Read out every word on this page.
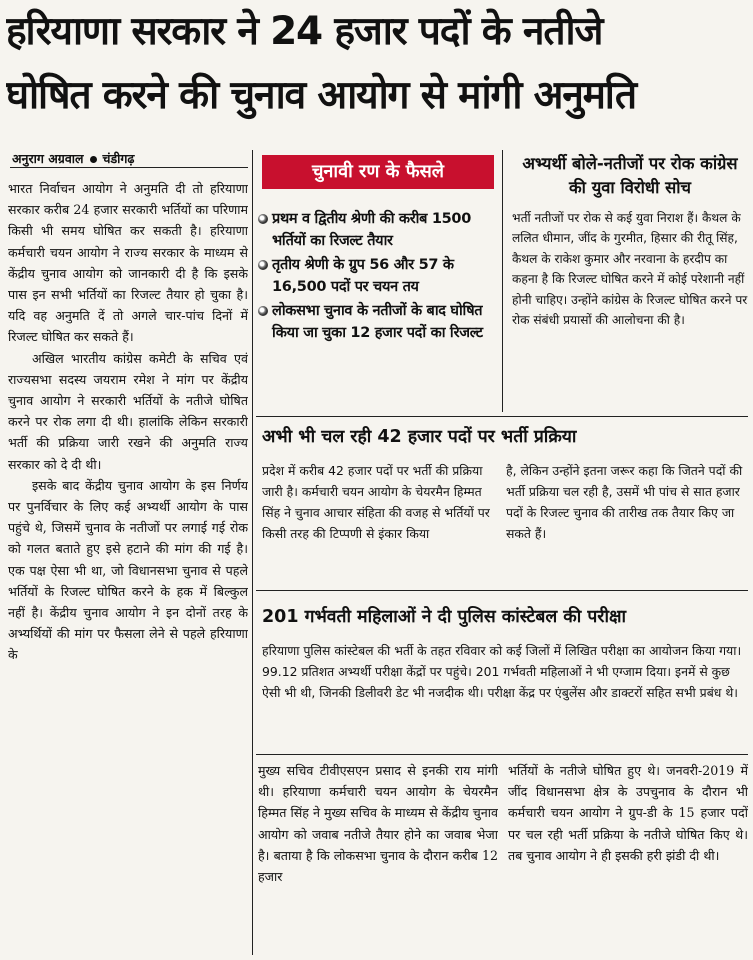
हरियाणा सरकार ने 24 हजार पदों के नतीजे
घोषित करने की चुनाव आयोग से मांगी अनुमति
अनुराग अग्रवाल चंडीगढ़

भारत निर्वाचन आयोग ने अनुमति दी तो हरियाणा सरकार करीब 24 हजार सरकारी भर्तियों का परिणाम किसी भी समय घोषित कर सकती है। हरियाणा कर्मचारी चयन आयोग ने राज्य सरकार के माध्यम से केंद्रीय चुनाव आयोग को जानकारी दी है कि इसके पास इन सभी भर्तियों का रिजल्ट तैयार हो चुका है। यदि वह अनुमति दें तो अगले चार-पांच दिनों में रिजल्ट घोषित कर सकते हैं।

अखिल भारतीय कांग्रेस कमेटी के सचिव एवं राज्यसभा सदस्य जयराम रमेश ने मांग पर केंद्रीय चुनाव आयोग ने सरकारी भर्तियों के नतीजे घोषित करने पर रोक लगा दी थी। हालांकि लेकिन सरकारी भर्ती की प्रक्रिया जारी रखने की अनुमति राज्य सरकार को दे दी थी।

इसके बाद केंद्रीय चुनाव आयोग के इस निर्णय पर पुनर्विचार के लिए कई अभ्यर्थी आयोग के पास पहुंचे थे, जिसमें चुनाव के नतीजों पर लगाई गई रोक को गलत बताते हुए इसे हटाने की मांग की गई है। एक पक्ष ऐसा भी था, जो विधानसभा चुनाव से पहले भर्तियों के रिजल्ट घोषित करने के हक में बिल्कुल नहीं है। केंद्रीय चुनाव आयोग ने इन दोनों तरह के अभ्यर्थियों की मांग पर फैसला लेने से पहले हरियाणा के

चुनावी रण के फैसले
प्रथम व द्वितीय श्रेणी की करीब 1500 भर्तियों का रिजल्ट तैयार
तृतीय श्रेणी के ग्रुप 56 और 57 के 16,500 पदों पर चयन तय
लोकसभा चुनाव के नतीजों के बाद घोषित किया जा चुका 12 हजार पदों का रिजल्ट
अभ्यर्थी बोले-नतीजों पर रोक कांग्रेस की युवा विरोधी सोच
भर्ती नतीजों पर रोक से कई युवा निराश हैं। कैथल के ललित धीमान, जींद के गुरमीत, हिसार की रीतू सिंह, कैथल के राकेश कुमार और नरवाना के हरदीप का कहना है कि रिजल्ट घोषित करने में कोई परेशानी नहीं होनी चाहिए। उन्होंने कांग्रेस के रिजल्ट घोषित करने पर रोक संबंधी प्रयासों की आलोचना की है।
अभी भी चल रही 42 हजार पदों पर भर्ती प्रक्रिया
प्रदेश में करीब 42 हजार पदों पर भर्ती की प्रक्रिया जारी है। कर्मचारी चयन आयोग के चेयरमैन हिम्मत सिंह ने चुनाव आचार संहिता की वजह से भर्तियों पर किसी तरह की टिप्पणी से इंकार किया
है, लेकिन उन्होंने इतना जरूर कहा कि जितने पदों की भर्ती प्रक्रिया चल रही है, उसमें भी पांच से सात हजार पदों के रिजल्ट चुनाव की तारीख तक तैयार किए जा सकते हैं।
201 गर्भवती महिलाओं ने दी पुलिस कांस्टेबल की परीक्षा
हरियाणा पुलिस कांस्टेबल की भर्ती के तहत रविवार को कई जिलों में लिखित परीक्षा का आयोजन किया गया। 99.12 प्रतिशत अभ्यर्थी परीक्षा केंद्रों पर पहुंचे। 201 गर्भवती महिलाओं ने भी एग्जाम दिया। इनमें से कुछ ऐसी भी थी, जिनकी डिलीवरी डेट भी नजदीक थी। परीक्षा केंद्र पर एंबुलेंस और डाक्टरों सहित सभी प्रबंध थे।
मुख्य सचिव टीवीएसएन प्रसाद से इनकी राय मांगी थी। हरियाणा कर्मचारी चयन आयोग के चेयरमैन हिम्मत सिंह ने मुख्य सचिव के माध्यम से केंद्रीय चुनाव आयोग को जवाब नतीजे तैयार होने का जवाब भेजा है। बताया है कि लोकसभा चुनाव के दौरान करीब 12 हजार
भर्तियों के नतीजे घोषित हुए थे। जनवरी-2019 में जींद विधानसभा क्षेत्र के उपचुनाव के दौरान भी कर्मचारी चयन आयोग ने ग्रुप-डी के 15 हजार पदों पर चल रही भर्ती प्रक्रिया के नतीजे घोषित किए थे। तब चुनाव आयोग ने ही इसकी हरी झंडी दी थी।
